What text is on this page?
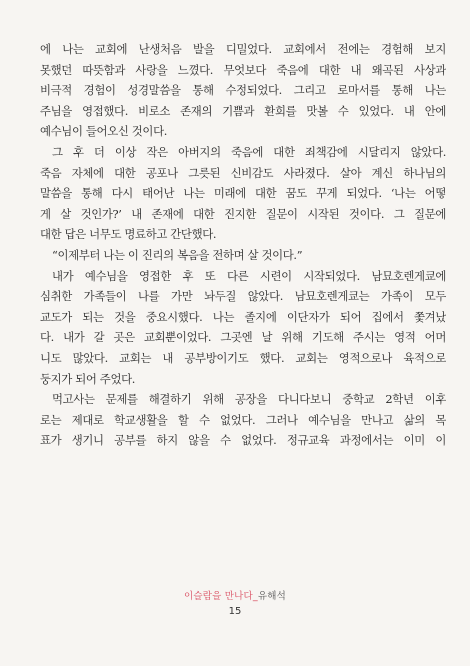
에 나는 교회에 난생처음 발을 디밀었다. 교회에서 전에는 경험해 보지
못했던 따뜻함과 사랑을 느꼈다. 무엇보다 죽음에 대한 내 왜곡된 사상과
비극적 경험이 성경말씀을 통해 수정되었다. 그리고 로마서를 통해 나는
주님을 영접했다. 비로소 존재의 기쁨과 환희를 맛볼 수 있었다. 내 안에
예수님이 들어오신 것이다.
그 후 더 이상 작은 아버지의 죽음에 대한 죄책감에 시달리지 않았다.
죽음 자체에 대한 공포나 그릇된 신비감도 사라졌다. 살아 계신 하나님의
말씀을 통해 다시 태어난 나는 미래에 대한 꿈도 꾸게 되었다. ‘나는 어떻
게 살 것인가?’ 내 존재에 대한 진지한 질문이 시작된 것이다. 그 질문에
대한 답은 너무도 명료하고 간단했다.
“이제부터 나는 이 진리의 복음을 전하며 살 것이다.”
내가 예수님을 영접한 후 또 다른 시련이 시작되었다. 남묘호렌게쿄에
심취한 가족들이 나를 가만 놔두질 않았다. 남묘호렌게쿄는 가족이 모두
교도가 되는 것을 중요시했다. 나는 졸지에 이단자가 되어 집에서 쫓겨났
다. 내가 갈 곳은 교회뿐이었다. 그곳엔 날 위해 기도해 주시는 영적 어머
니도 많았다. 교회는 내 공부방이기도 했다. 교회는 영적으로나 육적으로
둥지가 되어 주었다.
먹고사는 문제를 해결하기 위해 공장을 다니다보니 중학교 2학년 이후
로는 제대로 학교생활을 할 수 없었다. 그러나 예수님을 만나고 삶의 목
표가 생기니 공부를 하지 않을 수 없었다. 정규교육 과정에서는 이미 이
이슬람을 만나다_유해석
15
